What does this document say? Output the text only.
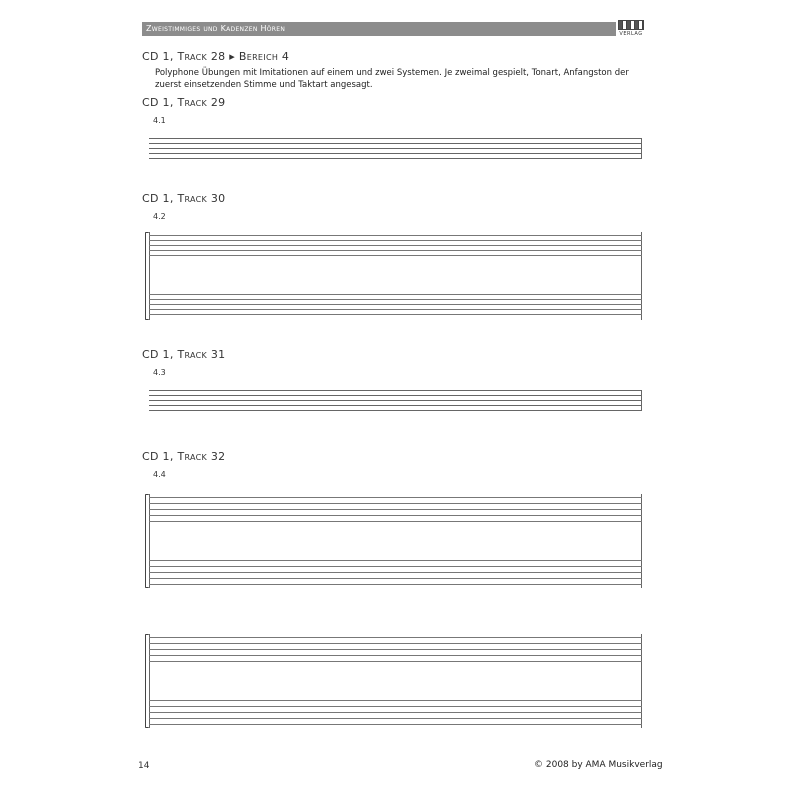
Zweistimmiges und Kadenzen Hören
VERLAG
CD 1, Track 28 ▸ Bereich 4
Polyphone Übungen mit Imitationen auf einem und zwei Systemen. Je zweimal gespielt, Tonart, Anfangston der zuerst einsetzenden Stimme und Taktart angesagt.
CD 1, Track 29
4.1
CD 1, Track 30
4.2
CD 1, Track 31
4.3
CD 1, Track 32
4.4
14	© 2008 by AMA Musikverlag
